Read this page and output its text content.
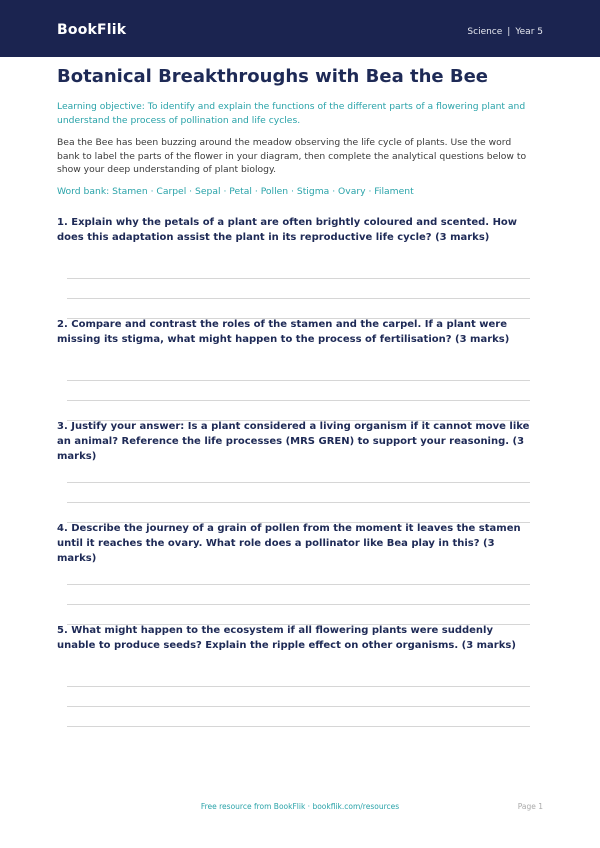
BookFlik	Science | Year 5
Botanical Breakthroughs with Bea the Bee
Learning objective: To identify and explain the functions of the different parts of a flowering plant and understand the process of pollination and life cycles.
Bea the Bee has been buzzing around the meadow observing the life cycle of plants. Use the word bank to label the parts of the flower in your diagram, then complete the analytical questions below to show your deep understanding of plant biology.
Word bank: Stamen · Carpel · Sepal · Petal · Pollen · Stigma · Ovary · Filament
1. Explain why the petals of a plant are often brightly coloured and scented. How does this adaptation assist the plant in its reproductive life cycle? (3 marks)
2. Compare and contrast the roles of the stamen and the carpel. If a plant were missing its stigma, what might happen to the process of fertilisation? (3 marks)
3. Justify your answer: Is a plant considered a living organism if it cannot move like an animal? Reference the life processes (MRS GREN) to support your reasoning. (3 marks)
4. Describe the journey of a grain of pollen from the moment it leaves the stamen until it reaches the ovary. What role does a pollinator like Bea play in this? (3 marks)
5. What might happen to the ecosystem if all flowering plants were suddenly unable to produce seeds? Explain the ripple effect on other organisms. (3 marks)
Free resource from BookFlik · bookflik.com/resources	Page 1
